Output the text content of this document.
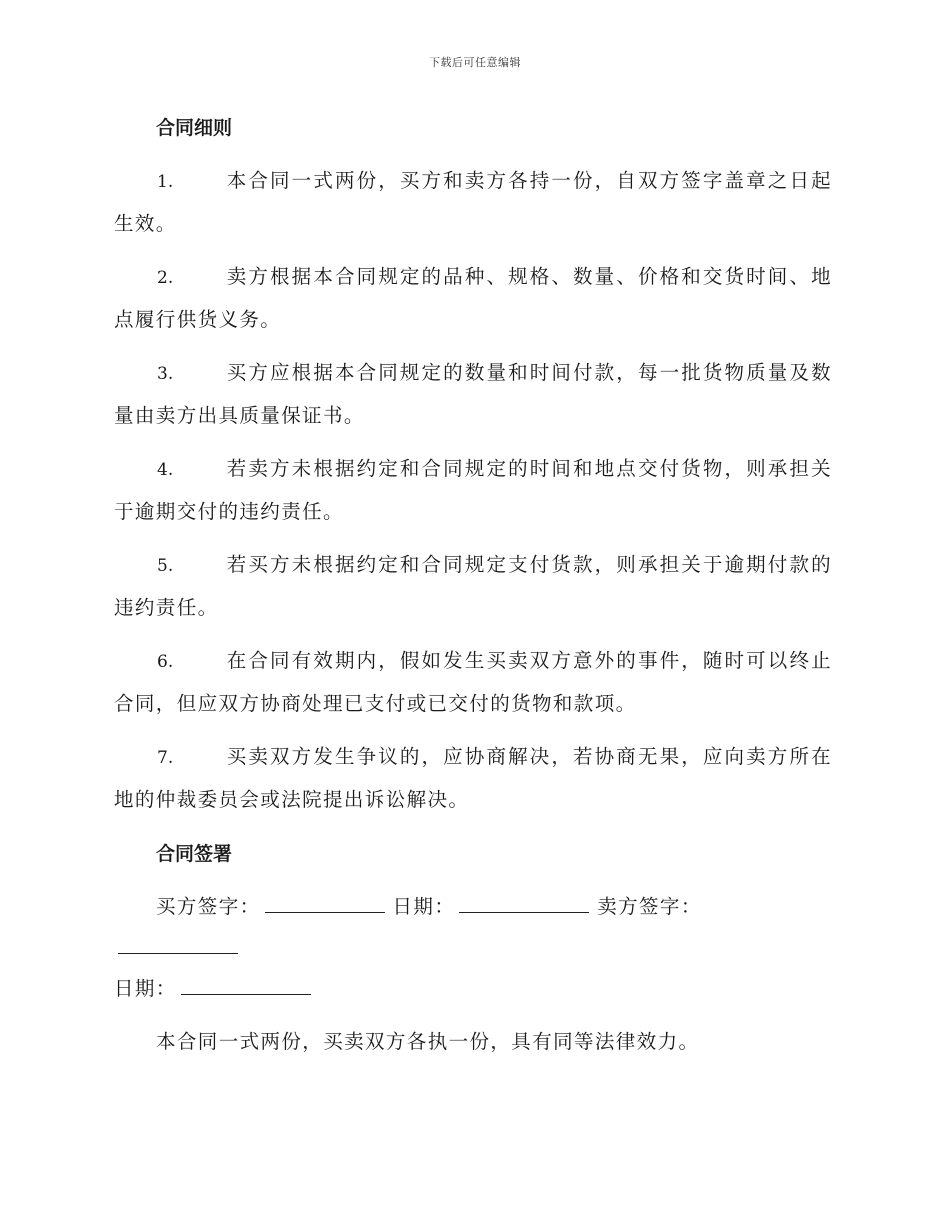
下载后可任意编辑
合同细则
1.	本合同一式两份，买方和卖方各持一份，自双方签字盖章之日起生效。
2.	卖方根据本合同规定的品种、规格、数量、价格和交货时间、地点履行供货义务。
3.	买方应根据本合同规定的数量和时间付款，每一批货物质量及数量由卖方出具质量保证书。
4.	若卖方未根据约定和合同规定的时间和地点交付货物，则承担关于逾期交付的违约责任。
5.	若买方未根据约定和合同规定支付货款，则承担关于逾期付款的违约责任。
6.	在合同有效期内，假如发生买卖双方意外的事件，随时可以终止合同，但应双方协商处理已支付或已交付的货物和款项。
7.	买卖双方发生争议的，应协商解决，若协商无果，应向卖方所在地的仲裁委员会或法院提出诉讼解决。
合同签署
买方签字：	日期：	卖方签字：
日期：
本合同一式两份，买卖双方各执一份，具有同等法律效力。
